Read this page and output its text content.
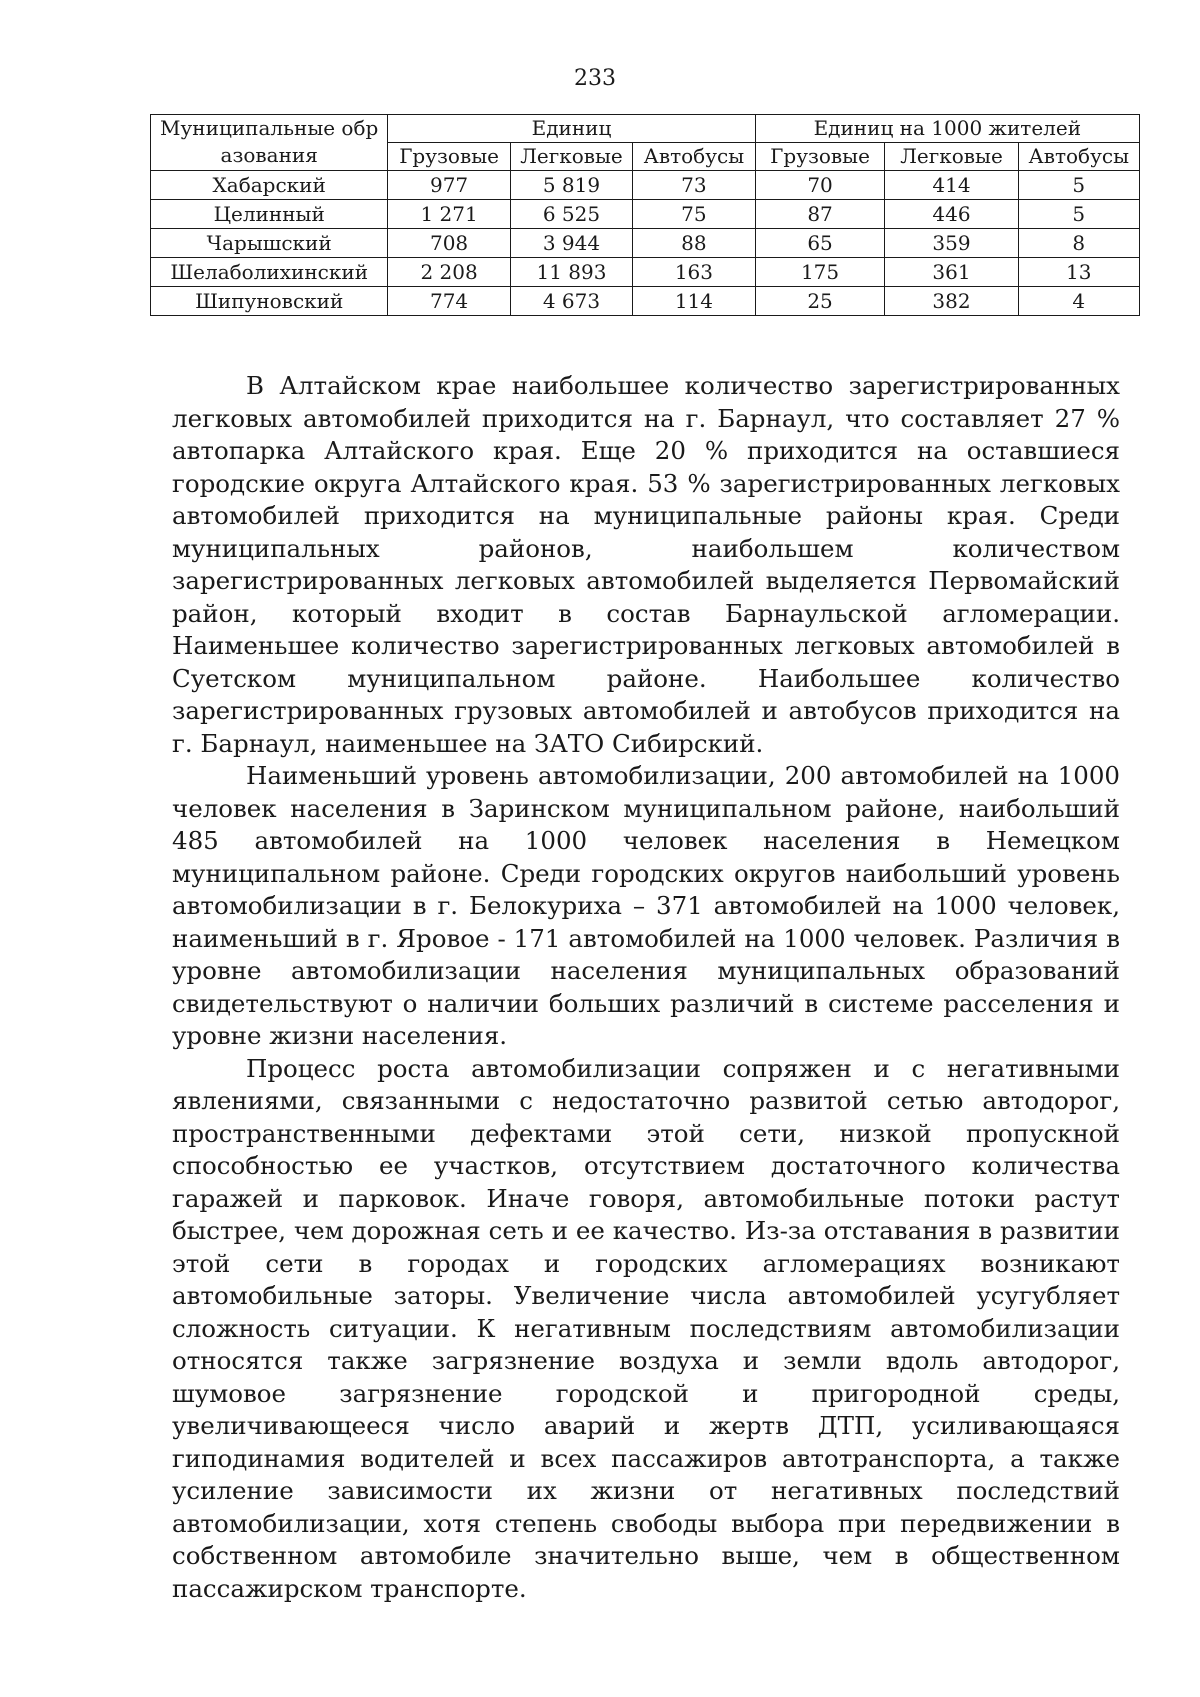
233
Муниципальные образования	Единиц			Единиц на 1000 жителей		
	Грузовые	Легковые	Автобусы	Грузовые	Легковые	Автобусы
Хабарский	977	5 819	73	70	414	5
Целинный	1 271	6 525	75	87	446	5
Чарышский	708	3 944	88	65	359	8
Шелаболихинский	2 208	11 893	163	175	361	13
Шипуновский	774	4 673	114	25	382	4

В Алтайском крае наибольшее количество зарегистрированных легковых автомобилей приходится на г. Барнаул, что составляет 27 % автопарка Алтайского края. Еще 20 % приходится на оставшиеся городские округа Алтайского края. 53 % зарегистрированных легковых автомобилей приходится на муниципальные районы края. Среди муниципальных районов, наибольшем количеством зарегистрированных легковых автомобилей выделяется Первомайский район, который входит в состав Барнаульской агломерации. Наименьшее количество зарегистрированных легковых автомобилей в Суетском муниципальном районе. Наибольшее количество зарегистрированных грузовых автомобилей и автобусов приходится на г. Барнаул, наименьшее на ЗАТО Сибирский.

Наименьший уровень автомобилизации, 200 автомобилей на 1000 человек населения в Заринском муниципальном районе, наибольший 485 автомобилей на 1000 человек населения в Немецком муниципальном районе. Среди городских округов наибольший уровень автомобилизации в г. Белокуриха – 371 автомобилей на 1000 человек, наименьший в г. Яровое - 171 автомобилей на 1000 человек. Различия в уровне автомобилизации населения муниципальных образований свидетельствуют о наличии больших различий в системе расселения и уровне жизни населения.

Процесс роста автомобилизации сопряжен и с негативными явлениями, связанными с недостаточно развитой сетью автодорог, пространственными дефектами этой сети, низкой пропускной способностью ее участков, отсутствием достаточного количества гаражей и парковок. Иначе говоря, автомобильные потоки растут быстрее, чем дорожная сеть и ее качество. Из-за отставания в развитии этой сети в городах и городских агломерациях возникают автомобильные заторы. Увеличение числа автомобилей усугубляет сложность ситуации. К негативным последствиям автомобилизации относятся также загрязнение воздуха и земли вдоль автодорог, шумовое загрязнение городской и пригородной среды, увеличивающееся число аварий и жертв ДТП, усиливающаяся гиподинамия водителей и всех пассажиров автотранспорта, а также усиление зависимости их жизни от негативных последствий автомобилизации, хотя степень свободы выбора при передвижении в собственном автомобиле значительно выше, чем в общественном пассажирском транспорте.
